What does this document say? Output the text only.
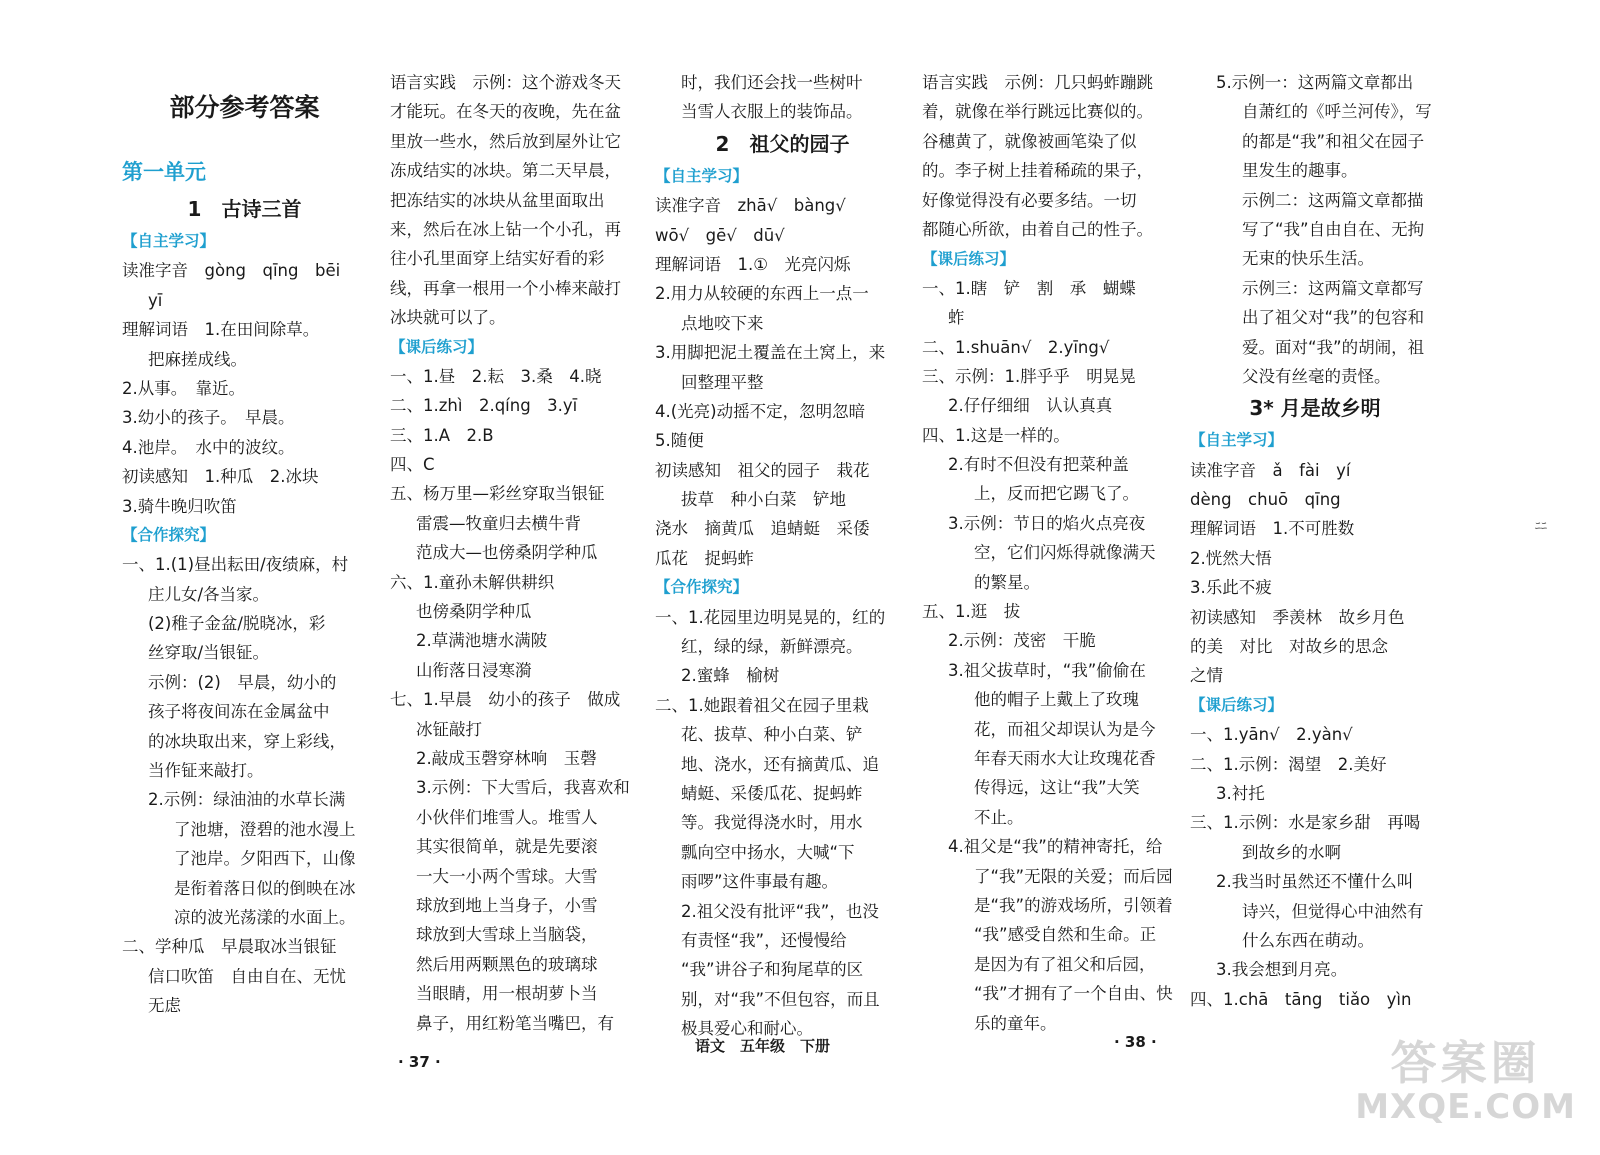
部分参考答案
第一单元
1　古诗三首
【自主学习】
读准字音　gòng　qīng　bēi
yī
理解词语　1.在田间除草。
把麻搓成线。
2.从事。　靠近。
3.幼小的孩子。　早晨。
4.池岸。　水中的波纹。
初读感知　1.种瓜　2.冰块
3.骑牛晚归吹笛
【合作探究】
一、1.(1)昼出耘田/夜绩麻，村
庄儿女/各当家。
(2)稚子金盆/脱晓冰，彩
丝穿取/当银钲。
示例：(2)　早晨，幼小的
孩子将夜间冻在金属盆中
的冰块取出来，穿上彩线，
当作钲来敲打。
2.示例：绿油油的水草长满
了池塘，澄碧的池水漫上
了池岸。夕阳西下，山像
是衔着落日似的倒映在冰
凉的波光荡漾的水面上。
二、学种瓜　早晨取冰当银钲
信口吹笛　自由自在、无忧
无虑
语言实践　示例：这个游戏冬天
才能玩。在冬天的夜晚，先在盆
里放一些水，然后放到屋外让它
冻成结实的冰块。第二天早晨，
把冻结实的冰块从盆里面取出
来，然后在冰上钻一个小孔，再
往小孔里面穿上结实好看的彩
线，再拿一根用一个小棒来敲打
冰块就可以了。
【课后练习】
一、1.昼　2.耘　3.桑　4.晓
二、1.zhì　2.qíng　3.yī
三、1.A　2.B
四、C
五、杨万里—彩丝穿取当银钲
雷震—牧童归去横牛背
范成大—也傍桑阴学种瓜
六、1.童孙未解供耕织
也傍桑阴学种瓜
2.草满池塘水满陂
山衔落日浸寒漪
七、1.早晨　幼小的孩子　做成
冰钲敲打
2.敲成玉磬穿林响　玉磬
3.示例：下大雪后，我喜欢和
小伙伴们堆雪人。堆雪人
其实很简单，就是先要滚
一大一小两个雪球。大雪
球放到地上当身子，小雪
球放到大雪球上当脑袋，
然后用两颗黑色的玻璃球
当眼睛，用一根胡萝卜当
鼻子，用红粉笔当嘴巴，有
时，我们还会找一些树叶
当雪人衣服上的装饰品。
2　祖父的园子
【自主学习】
读准字音　zhā√　bàng√
wō√　gē√　dū√
理解词语　1.①　光亮闪烁
2.用力从较硬的东西上一点一
点地咬下来
3.用脚把泥土覆盖在土窝上，来
回整理平整
4.(光亮)动摇不定，忽明忽暗
5.随便
初读感知　祖父的园子　栽花
拔草　种小白菜　铲地
浇水　摘黄瓜　追蜻蜓　采倭
瓜花　捉蚂蚱
【合作探究】
一、1.花园里边明晃晃的，红的
红，绿的绿，新鲜漂亮。
2.蜜蜂　榆树
二、1.她跟着祖父在园子里栽
花、拔草、种小白菜、铲
地、浇水，还有摘黄瓜、追
蜻蜓、采倭瓜花、捉蚂蚱
等。我觉得浇水时，用水
瓢向空中扬水，大喊“下
雨啰”这件事最有趣。
2.祖父没有批评“我”，也没
有责怪“我”，还慢慢给
“我”讲谷子和狗尾草的区
别，对“我”不但包容，而且
极具爱心和耐心。
语言实践　示例：几只蚂蚱蹦跳
着，就像在举行跳远比赛似的。
谷穗黄了，就像被画笔染了似
的。李子树上挂着稀疏的果子，
好像觉得没有必要多结。一切
都随心所欲，由着自己的性子。
【课后练习】
一、1.瞎　铲　割　承　蝴蝶
蚱
二、1.shuān√　2.yīng√
三、示例：1.胖乎乎　明晃晃
2.仔仔细细　认认真真
四、1.这是一样的。
2.有时不但没有把菜种盖
上，反而把它踢飞了。
3.示例：节日的焰火点亮夜
空，它们闪烁得就像满天
的繁星。
五、1.逛　拔
2.示例：茂密　干脆
3.祖父拔草时，“我”偷偷在
他的帽子上戴上了玫瑰
花，而祖父却误认为是今
年春天雨水大让玫瑰花香
传得远，这让“我”大笑
不止。
4.祖父是“我”的精神寄托，给
了“我”无限的关爱；而后园
是“我”的游戏场所，引领着
“我”感受自然和生命。正
是因为有了祖父和后园，
“我”才拥有了一个自由、快
乐的童年。
5.示例一：这两篇文章都出
自萧红的《呼兰河传》，写
的都是“我”和祖父在园子
里发生的趣事。
示例二：这两篇文章都描
写了“我”自由自在、无拘
无束的快乐生活。
示例三：这两篇文章都写
出了祖父对“我”的包容和
爱。面对“我”的胡闹，祖
父没有丝毫的责怪。
3* 月是故乡明
【自主学习】
读准字音　ǎ　fài　yí
dèng　chuō　qīng
理解词语　1.不可胜数
2.恍然大悟
3.乐此不疲
初读感知　季羡林　故乡月色
的美　对比　对故乡的思念
之情
【课后练习】
一、1.yān√　2.yàn√
二、1.示例：渴望　2.美好
3.衬托
三、1.示例：水是家乡甜　再喝
到故乡的水啊
2.我当时虽然还不懂什么叫
诗兴，但觉得心中油然有
什么东西在萌动。
3.我会想到月亮。
四、1.chā　tāng　tiǎo　yìn
· 37 ·
语文　五年级　下册	· 38 ·
ﾆﾆ
答案圈
MXQE.COM
